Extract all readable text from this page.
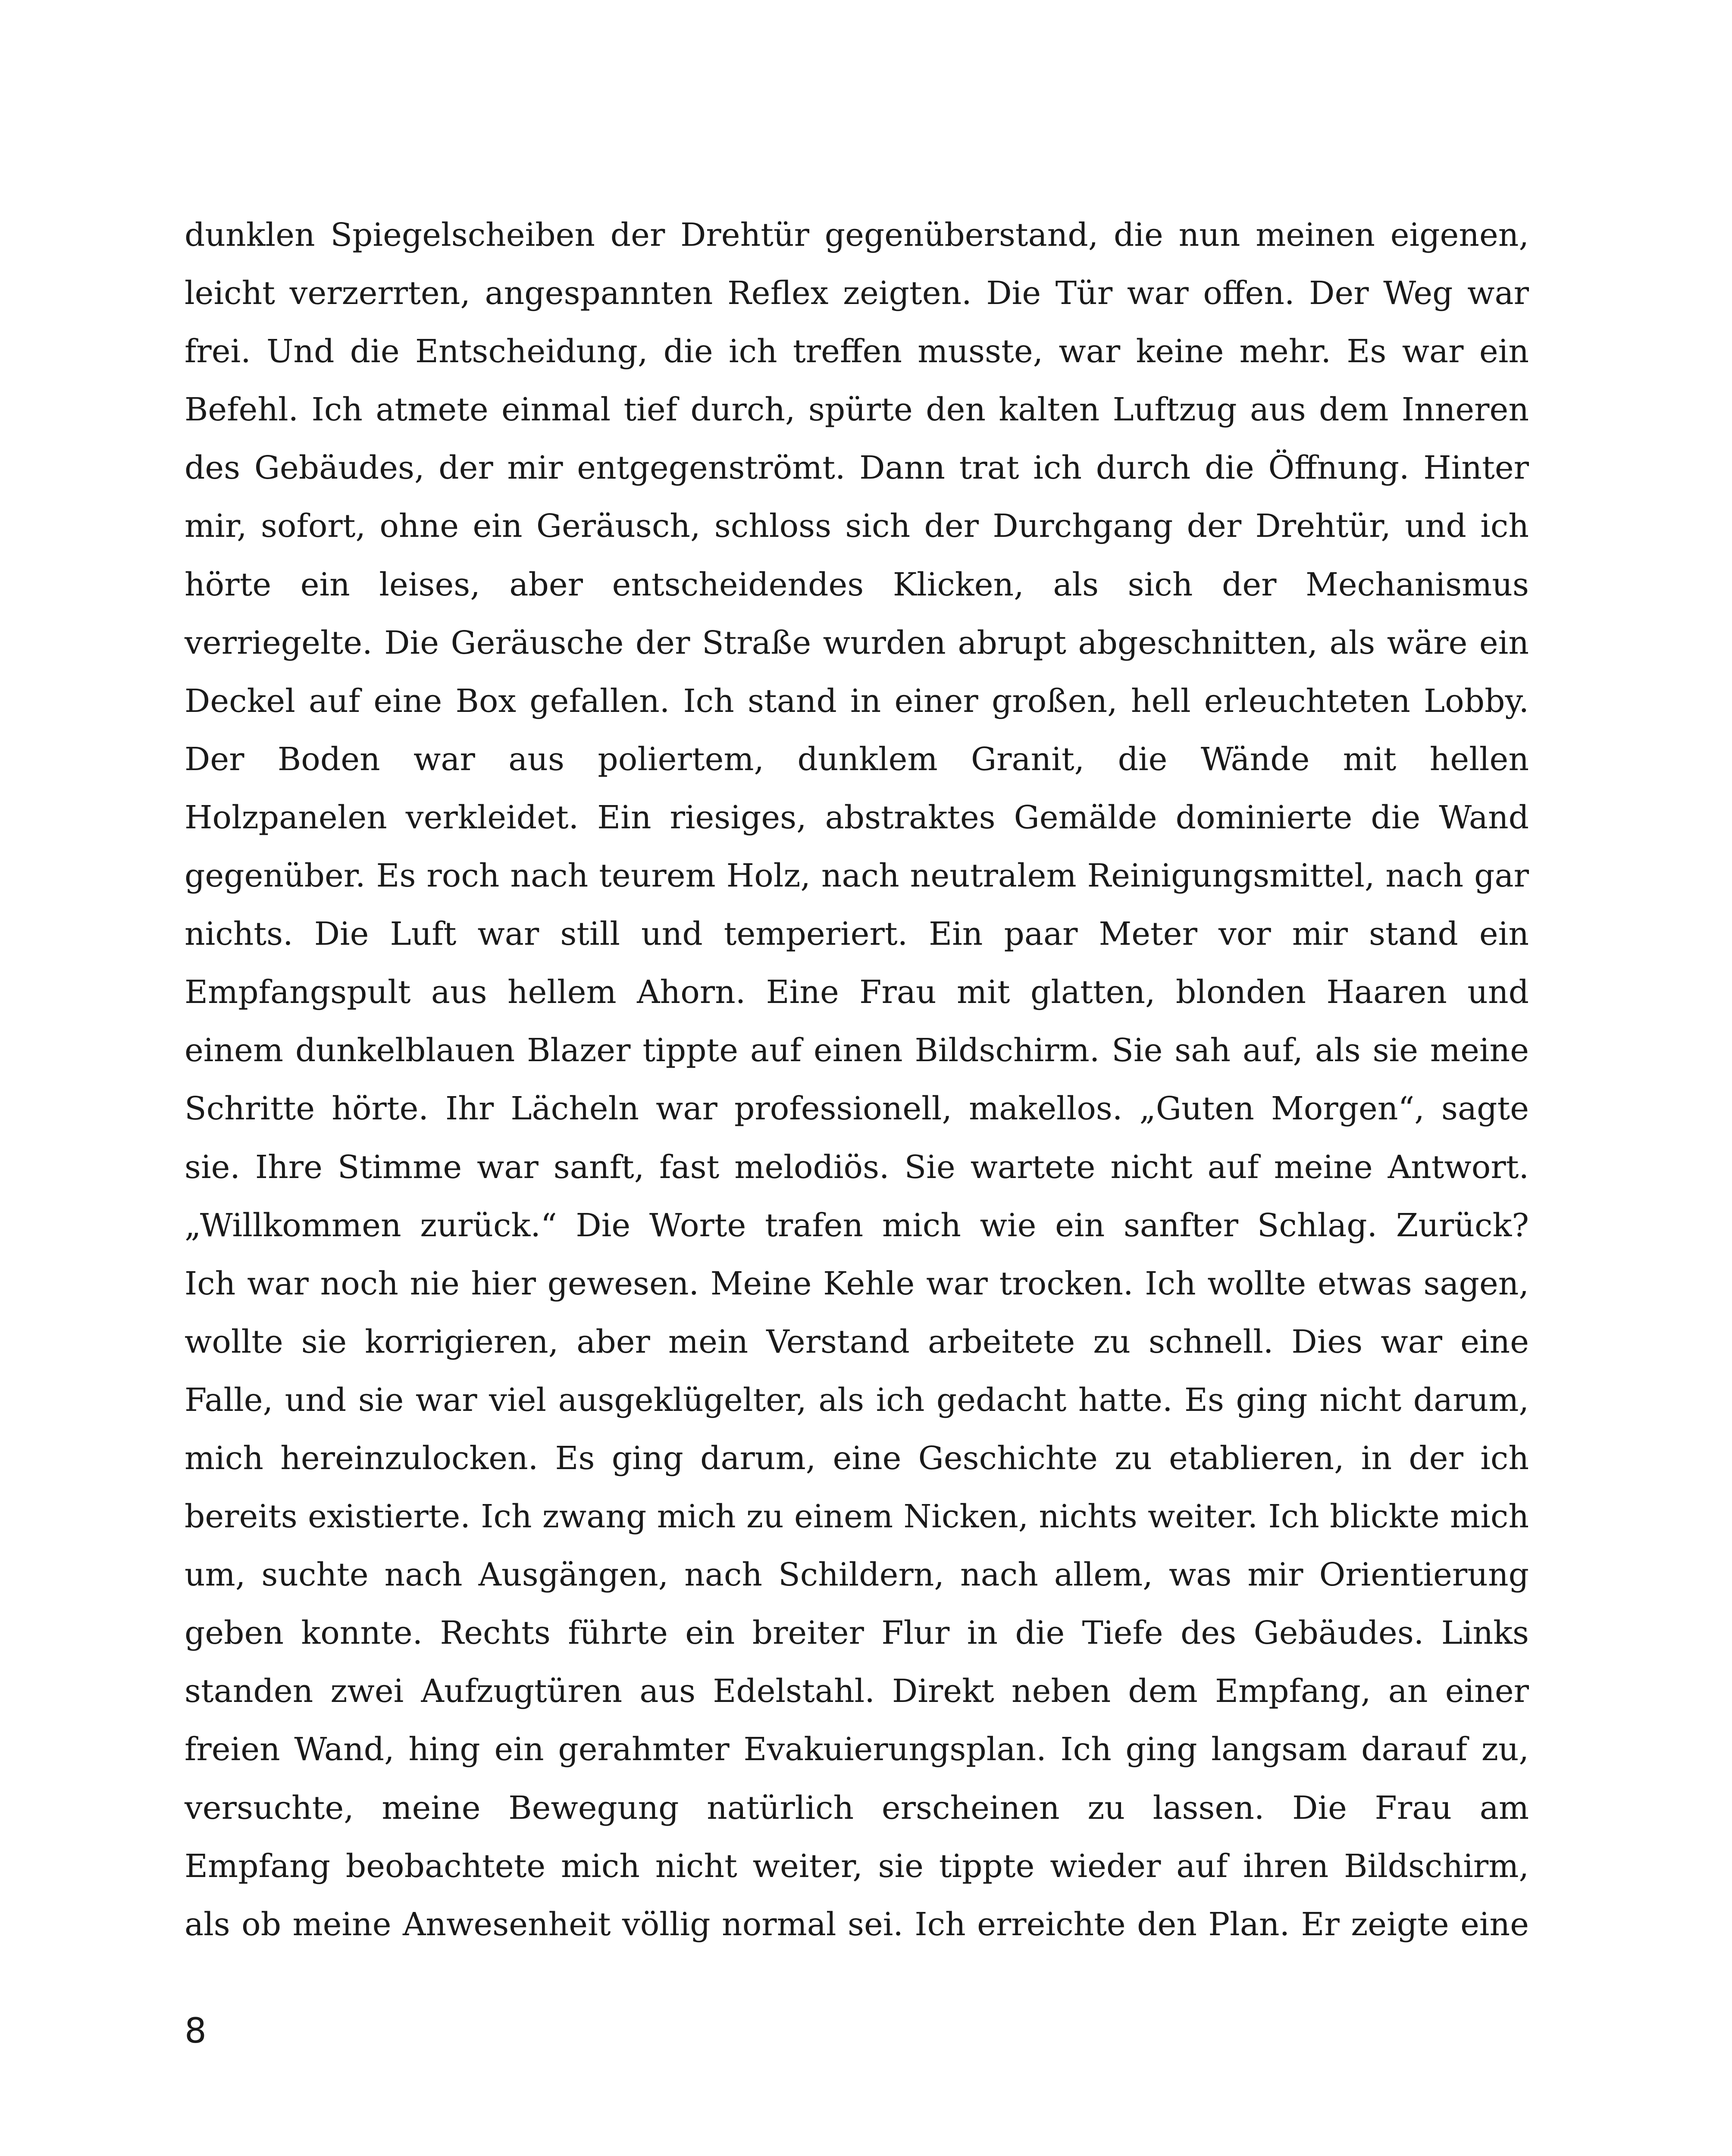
dunklen Spiegelscheiben der Drehtür gegenüberstand, die nun meinen eigenen,
leicht verzerrten, angespannten Reflex zeigten. Die Tür war offen. Der Weg war
frei. Und die Entscheidung, die ich treffen musste, war keine mehr. Es war ein
Befehl. Ich atmete einmal tief durch, spürte den kalten Luftzug aus dem Inneren
des Gebäudes, der mir entgegenströmt. Dann trat ich durch die Öffnung. Hinter
mir, sofort, ohne ein Geräusch, schloss sich der Durchgang der Drehtür, und ich
hörte ein leises, aber entscheidendes Klicken, als sich der Mechanismus
verriegelte. Die Geräusche der Straße wurden abrupt abgeschnitten, als wäre ein
Deckel auf eine Box gefallen. Ich stand in einer großen, hell erleuchteten Lobby.
Der Boden war aus poliertem, dunklem Granit, die Wände mit hellen
Holzpanelen verkleidet. Ein riesiges, abstraktes Gemälde dominierte die Wand
gegenüber. Es roch nach teurem Holz, nach neutralem Reinigungsmittel, nach gar
nichts. Die Luft war still und temperiert. Ein paar Meter vor mir stand ein
Empfangspult aus hellem Ahorn. Eine Frau mit glatten, blonden Haaren und
einem dunkelblauen Blazer tippte auf einen Bildschirm. Sie sah auf, als sie meine
Schritte hörte. Ihr Lächeln war professionell, makellos. „Guten Morgen“, sagte
sie. Ihre Stimme war sanft, fast melodiös. Sie wartete nicht auf meine Antwort.
„Willkommen zurück.“ Die Worte trafen mich wie ein sanfter Schlag. Zurück?
Ich war noch nie hier gewesen. Meine Kehle war trocken. Ich wollte etwas sagen,
wollte sie korrigieren, aber mein Verstand arbeitete zu schnell. Dies war eine
Falle, und sie war viel ausgeklügelter, als ich gedacht hatte. Es ging nicht darum,
mich hereinzulocken. Es ging darum, eine Geschichte zu etablieren, in der ich
bereits existierte. Ich zwang mich zu einem Nicken, nichts weiter. Ich blickte mich
um, suchte nach Ausgängen, nach Schildern, nach allem, was mir Orientierung
geben konnte. Rechts führte ein breiter Flur in die Tiefe des Gebäudes. Links
standen zwei Aufzugtüren aus Edelstahl. Direkt neben dem Empfang, an einer
freien Wand, hing ein gerahmter Evakuierungsplan. Ich ging langsam darauf zu,
versuchte, meine Bewegung natürlich erscheinen zu lassen. Die Frau am
Empfang beobachtete mich nicht weiter, sie tippte wieder auf ihren Bildschirm,
als ob meine Anwesenheit völlig normal sei. Ich erreichte den Plan. Er zeigte eine
8
